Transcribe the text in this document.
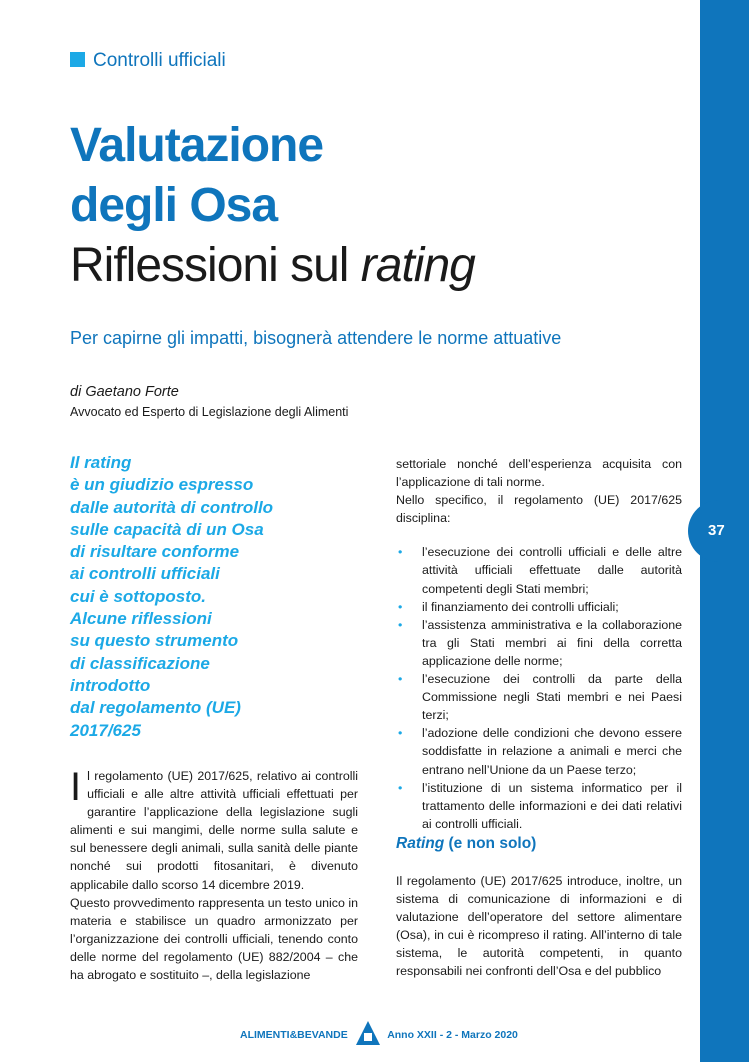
37
Controlli ufficiali
Valutazione
degli Osa
Riflessioni sul rating
Per capirne gli impatti, bisognerà attendere le norme attuative
di Gaetano Forte
Avvocato ed Esperto di Legislazione degli Alimenti
Il rating
è un giudizio espresso
dalle autorità di controllo
sulle capacità di un Osa
di risultare conforme
ai controlli ufficiali
cui è sottoposto.
Alcune riflessioni
su questo strumento
di classificazione
introdotto
dal regolamento (UE)
2017/625

Il regolamento (UE) 2017/625, relativo ai controlli ufficiali e alle altre attività ufficiali effettuati per garantire l’applicazione della legislazione sugli alimenti e sui mangimi, delle norme sulla salute e sul benessere degli animali, sulla sanità delle piante nonché sui prodotti fitosanitari, è divenuto applicabile dallo scorso 14 dicembre 2019.

Questo provvedimento rappresenta un testo unico in materia e stabilisce un quadro armonizzato per l’organizzazione dei controlli ufficiali, tenendo conto delle norme del regolamento (UE) 882/2004 – che ha abrogato e sostituito –, della legislazione

settoriale nonché dell’esperienza acquisita con l’applicazione di tali norme.

Nello specifico, il regolamento (UE) 2017/625 disciplina:

• l’esecuzione dei controlli ufficiali e delle altre attività ufficiali effettuate dalle autorità competenti degli Stati membri;
• il finanziamento dei controlli ufficiali;
• l’assistenza amministrativa e la collaborazione tra gli Stati membri ai fini della corretta applicazione delle norme;
• l’esecuzione dei controlli da parte della Commissione negli Stati membri e nei Paesi terzi;
• l’adozione delle condizioni che devono essere soddisfatte in relazione a animali e merci che entrano nell’Unione da un Paese terzo;
• l’istituzione di un sistema informatico per il trattamento delle informazioni e dei dati relativi ai controlli ufficiali.
Rating (e non solo)

Il regolamento (UE) 2017/625 introduce, inoltre, un sistema di comunicazione di informazioni e di valutazione dell’operatore del settore alimentare (Osa), in cui è ricompreso il rating. All’interno di tale sistema, le autorità competenti, in quanto responsabili nei confronti dell’Osa e del pubblico

ALIMENTI&BEVANDE	Anno XXII - 2 - Marzo 2020
